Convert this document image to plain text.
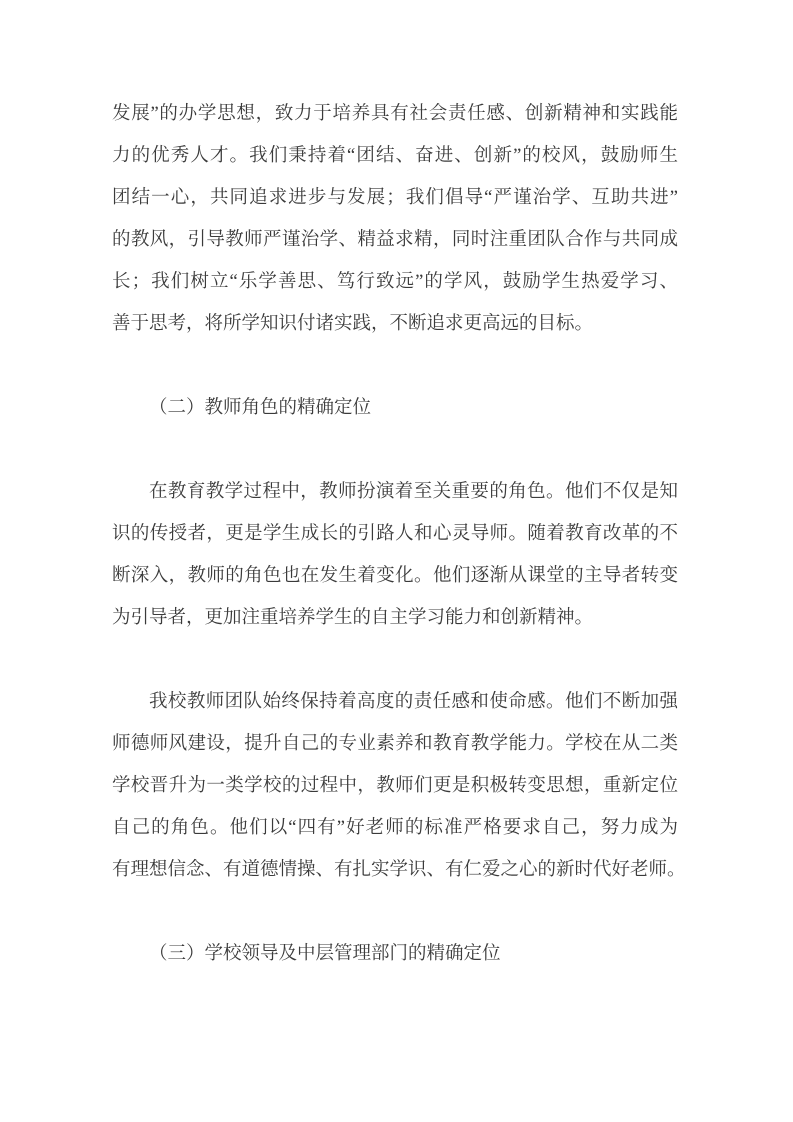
发展”的办学思想，致力于培养具有社会责任感、创新精神和实践能
力的优秀人才。我们秉持着“团结、奋进、创新”的校风，鼓励师生
团结一心，共同追求进步与发展；我们倡导“严谨治学、互助共进”
的教风，引导教师严谨治学、精益求精，同时注重团队合作与共同成
长；我们树立“乐学善思、笃行致远”的学风，鼓励学生热爱学习、
善于思考，将所学知识付诸实践，不断追求更高远的目标。
（二）教师角色的精确定位
在教育教学过程中，教师扮演着至关重要的角色。他们不仅是知
识的传授者，更是学生成长的引路人和心灵导师。随着教育改革的不
断深入，教师的角色也在发生着变化。他们逐渐从课堂的主导者转变
为引导者，更加注重培养学生的自主学习能力和创新精神。
我校教师团队始终保持着高度的责任感和使命感。他们不断加强
师德师风建设，提升自己的专业素养和教育教学能力。学校在从二类
学校晋升为一类学校的过程中，教师们更是积极转变思想，重新定位
自己的角色。他们以“四有”好老师的标准严格要求自己，努力成为
有理想信念、有道德情操、有扎实学识、有仁爱之心的新时代好老师。
（三）学校领导及中层管理部门的精确定位
